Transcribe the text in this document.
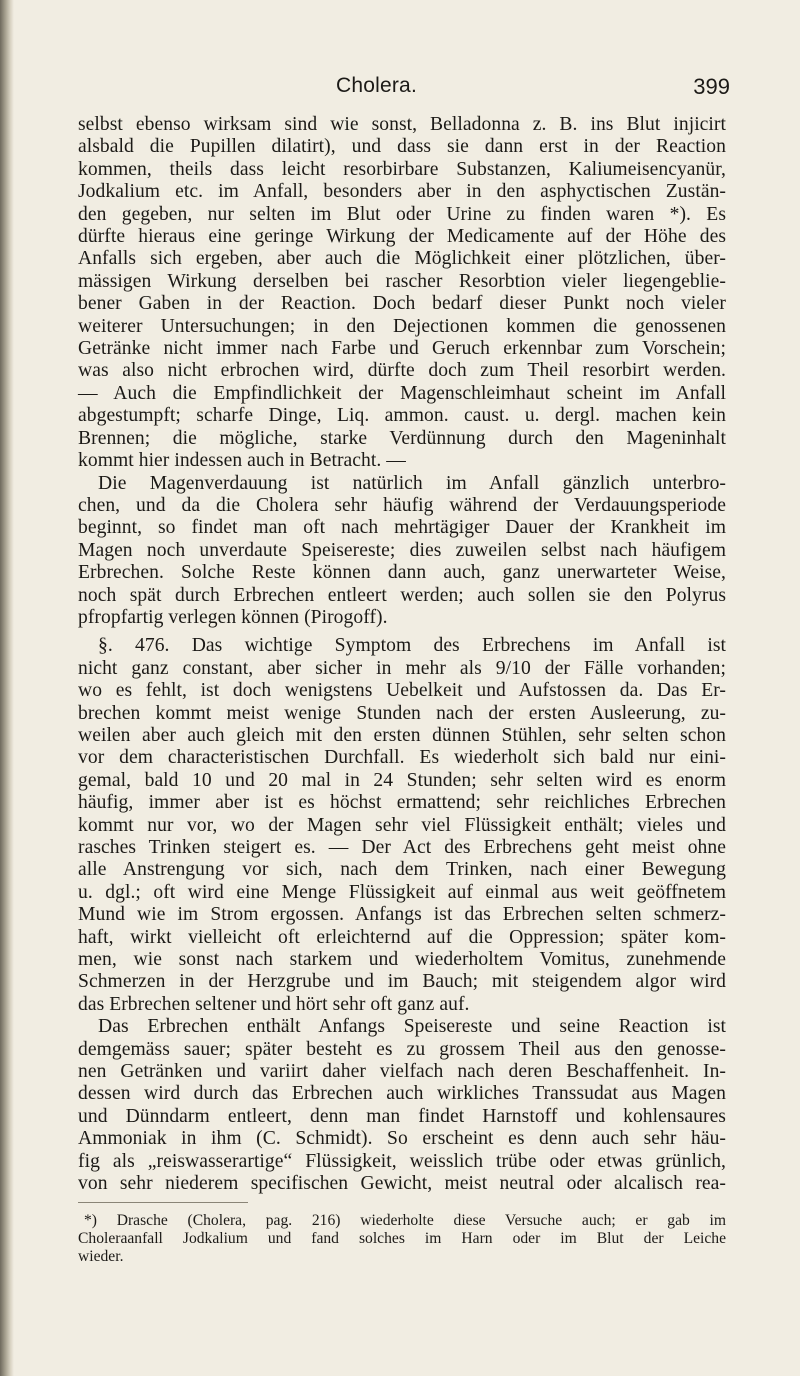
Cholera.	399
selbst ebenso wirksam sind wie sonst, Belladonna z. B. ins Blut injicirt
alsbald die Pupillen dilatirt), und dass sie dann erst in der Reaction
kommen, theils dass leicht resorbirbare Substanzen, Kaliumeisencyanür,
Jodkalium etc. im Anfall, besonders aber in den asphyctischen Zustän-
den gegeben, nur selten im Blut oder Urine zu finden waren *). Es
dürfte hieraus eine geringe Wirkung der Medicamente auf der Höhe des
Anfalls sich ergeben, aber auch die Möglichkeit einer plötzlichen, über-
mässigen Wirkung derselben bei rascher Resorbtion vieler liegengeblie-
bener Gaben in der Reaction. Doch bedarf dieser Punkt noch vieler
weiterer Untersuchungen; in den Dejectionen kommen die genossenen
Getränke nicht immer nach Farbe und Geruch erkennbar zum Vorschein;
was also nicht erbrochen wird, dürfte doch zum Theil resorbirt werden.
— Auch die Empfindlichkeit der Magenschleimhaut scheint im Anfall
abgestumpft; scharfe Dinge, Liq. ammon. caust. u. dergl. machen kein
Brennen; die mögliche, starke Verdünnung durch den Mageninhalt
kommt hier indessen auch in Betracht. —
Die Magenverdauung ist natürlich im Anfall gänzlich unterbro-
chen, und da die Cholera sehr häufig während der Verdauungsperiode
beginnt, so findet man oft nach mehrtägiger Dauer der Krankheit im
Magen noch unverdaute Speisereste; dies zuweilen selbst nach häufigem
Erbrechen. Solche Reste können dann auch, ganz unerwarteter Weise,
noch spät durch Erbrechen entleert werden; auch sollen sie den Polyrus
pfropfartig verlegen können (Pirogoff).
§. 476. Das wichtige Symptom des Erbrechens im Anfall ist
nicht ganz constant, aber sicher in mehr als 9/10 der Fälle vorhanden;
wo es fehlt, ist doch wenigstens Uebelkeit und Aufstossen da. Das Er-
brechen kommt meist wenige Stunden nach der ersten Ausleerung, zu-
weilen aber auch gleich mit den ersten dünnen Stühlen, sehr selten schon
vor dem characteristischen Durchfall. Es wiederholt sich bald nur eini-
gemal, bald 10 und 20 mal in 24 Stunden; sehr selten wird es enorm
häufig, immer aber ist es höchst ermattend; sehr reichliches Erbrechen
kommt nur vor, wo der Magen sehr viel Flüssigkeit enthält; vieles und
rasches Trinken steigert es. — Der Act des Erbrechens geht meist ohne
alle Anstrengung vor sich, nach dem Trinken, nach einer Bewegung
u. dgl.; oft wird eine Menge Flüssigkeit auf einmal aus weit geöffnetem
Mund wie im Strom ergossen. Anfangs ist das Erbrechen selten schmerz-
haft, wirkt vielleicht oft erleichternd auf die Oppression; später kom-
men, wie sonst nach starkem und wiederholtem Vomitus, zunehmende
Schmerzen in der Herzgrube und im Bauch; mit steigendem algor wird
das Erbrechen seltener und hört sehr oft ganz auf.
Das Erbrechen enthält Anfangs Speisereste und seine Reaction ist
demgemäss sauer; später besteht es zu grossem Theil aus den genosse-
nen Getränken und variirt daher vielfach nach deren Beschaffenheit. In-
dessen wird durch das Erbrechen auch wirkliches Transsudat aus Magen
und Dünndarm entleert, denn man findet Harnstoff und kohlensaures
Ammoniak in ihm (C. Schmidt). So erscheint es denn auch sehr häu-
fig als „reiswasserartige“ Flüssigkeit, weisslich trübe oder etwas grünlich,
von sehr niederem specifischen Gewicht, meist neutral oder alcalisch rea-
*) Drasche (Cholera, pag. 216) wiederholte diese Versuche auch; er gab im
Choleraanfall Jodkalium und fand solches im Harn oder im Blut der Leiche
wieder.
